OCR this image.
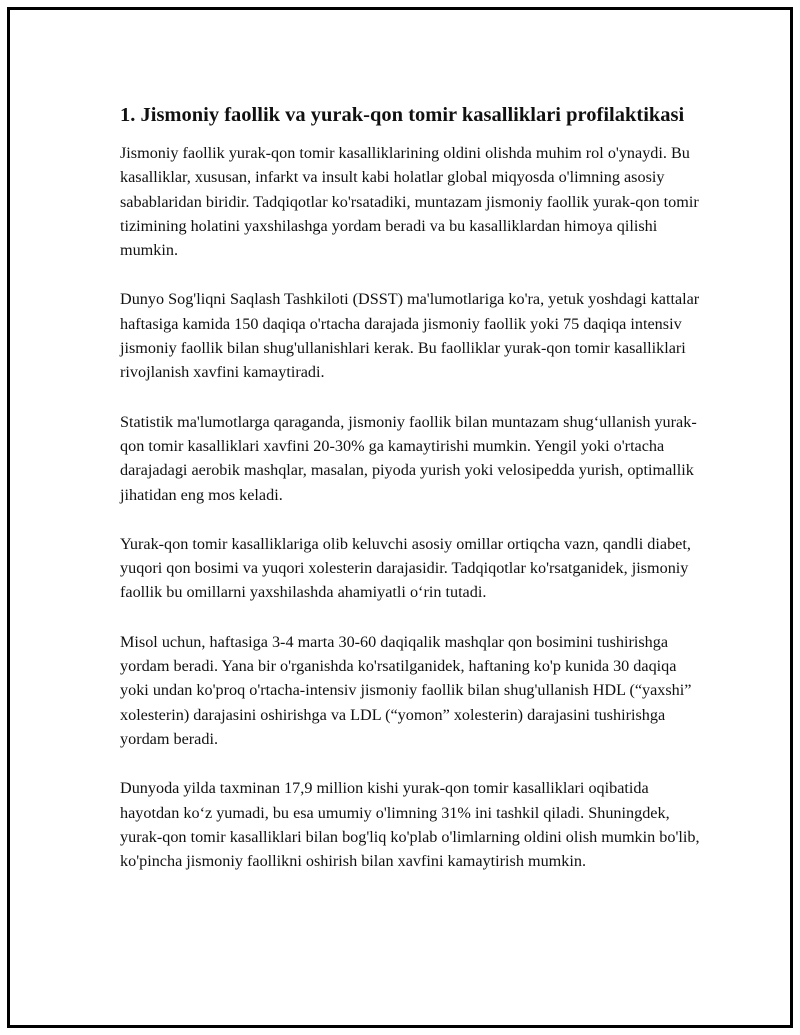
1. Jismoniy faollik va yurak-qon tomir kasalliklari profilaktikasi

Jismoniy faollik yurak-qon tomir kasalliklarining oldini olishda muhim rol o'ynaydi. Bu kasalliklar, xususan, infarkt va insult kabi holatlar global miqyosda o'limning asosiy sabablaridan biridir. Tadqiqotlar ko'rsatadiki, muntazam jismoniy faollik yurak-qon tomir tizimining holatini yaxshilashga yordam beradi va bu kasalliklardan himoya qilishi mumkin.

Dunyo Sog'liqni Saqlash Tashkiloti (DSST) ma'lumotlariga ko'ra, yetuk yoshdagi kattalar haftasiga kamida 150 daqiqa o'rtacha darajada jismoniy faollik yoki 75 daqiqa intensiv jismoniy faollik bilan shug'ullanishlari kerak. Bu faolliklar yurak-qon tomir kasalliklari rivojlanish xavfini kamaytiradi.

Statistik ma'lumotlarga qaraganda, jismoniy faollik bilan muntazam shug‘ullanish yurak-qon tomir kasalliklari xavfini 20-30% ga kamaytirishi mumkin. Yengil yoki o'rtacha darajadagi aerobik mashqlar, masalan, piyoda yurish yoki velosipedda yurish, optimallik jihatidan eng mos keladi.

Yurak-qon tomir kasalliklariga olib keluvchi asosiy omillar ortiqcha vazn, qandli diabet, yuqori qon bosimi va yuqori xolesterin darajasidir. Tadqiqotlar ko'rsatganidek, jismoniy faollik bu omillarni yaxshilashda ahamiyatli o‘rin tutadi.

Misol uchun, haftasiga 3-4 marta 30-60 daqiqalik mashqlar qon bosimini tushirishga yordam beradi. Yana bir o'rganishda ko'rsatilganidek, haftaning ko'p kunida 30 daqiqa yoki undan ko'proq o'rtacha-intensiv jismoniy faollik bilan shug'ullanish HDL (“yaxshi” xolesterin) darajasini oshirishga va LDL (“yomon” xolesterin) darajasini tushirishga yordam beradi.

Dunyoda yilda taxminan 17,9 million kishi yurak-qon tomir kasalliklari oqibatida hayotdan ko‘z yumadi, bu esa umumiy o'limning 31% ini tashkil qiladi. Shuningdek, yurak-qon tomir kasalliklari bilan bog'liq ko'plab o'limlarning oldini olish mumkin bo'lib, ko'pincha jismoniy faollikni oshirish bilan xavfini kamaytirish mumkin.
